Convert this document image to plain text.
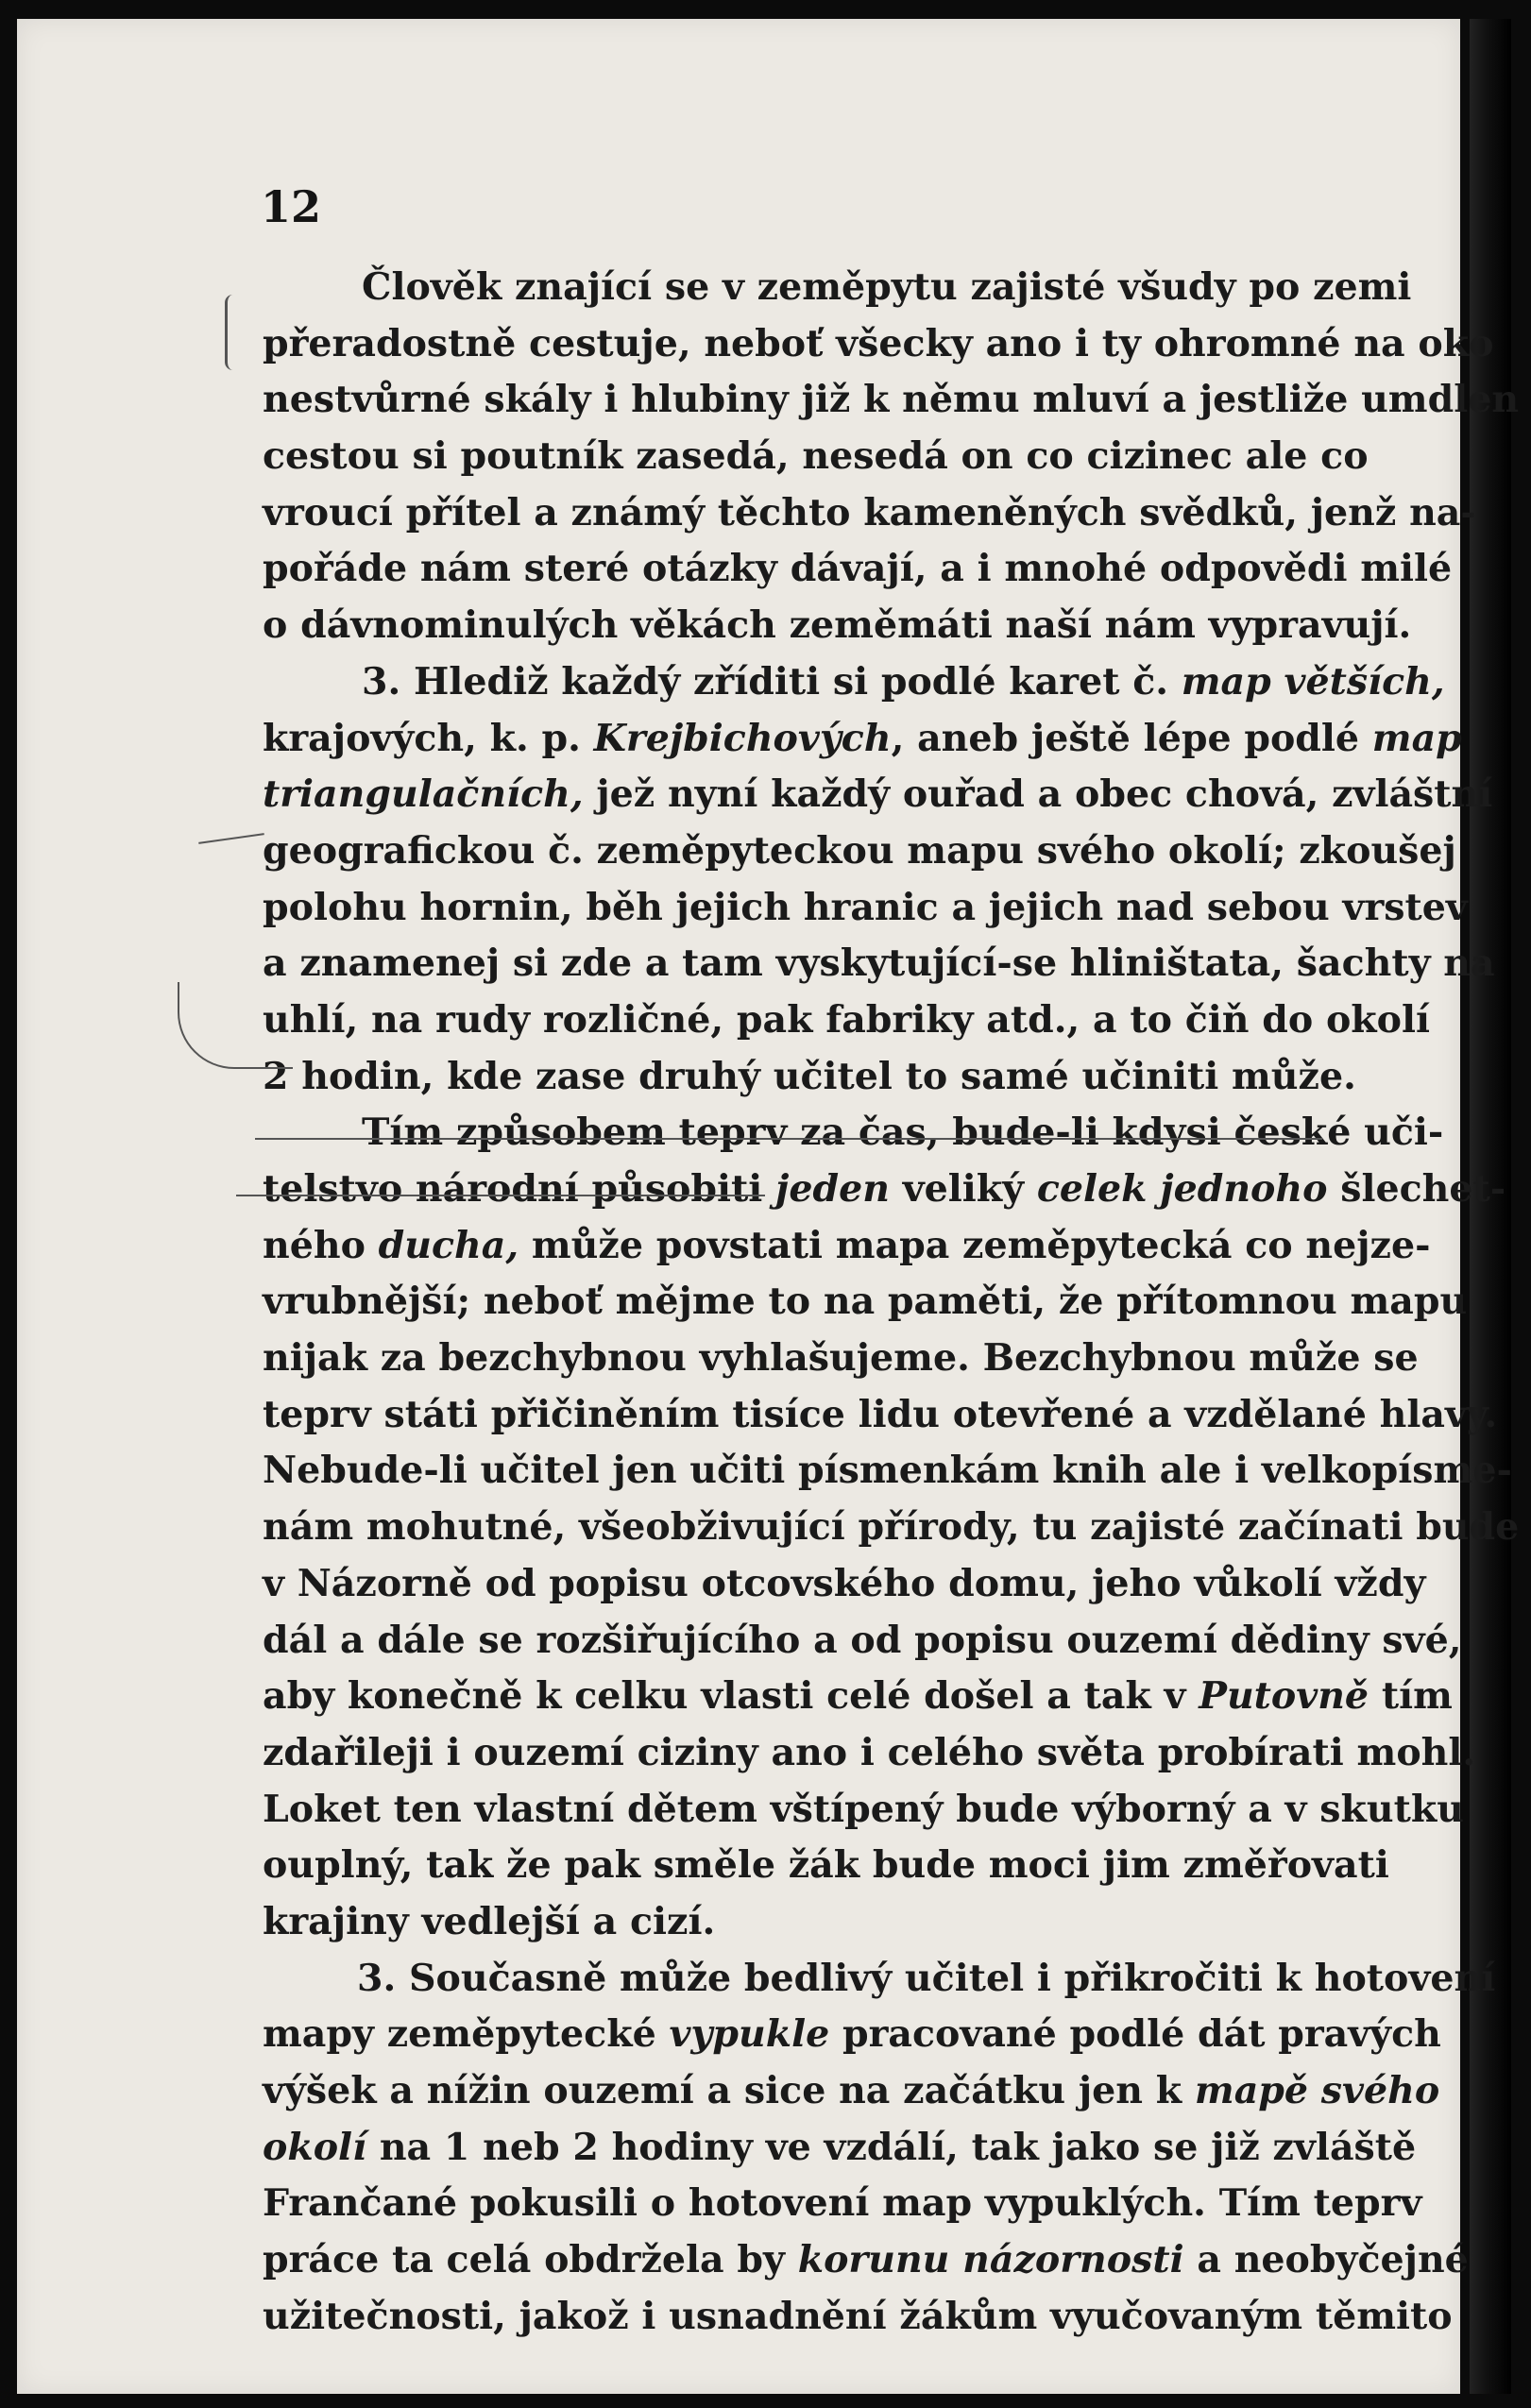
12
Člověk znající se v zeměpytu zajisté všudy po zemi
přeradostně cestuje, neboť všecky ano i ty ohromné na oko
nestvůrné skály i hlubiny již k němu mluví a jestliže umdlen
cestou si poutník zasedá, nesedá on co cizinec ale co
vroucí přítel a známý těchto kameněných svědků, jenž na-
pořáde nám steré otázky dávají, a i mnohé odpovědi milé
o dávnominulých věkách zeměmáti naší nám vypravují.
3. Hlediž každý zříditi si podlé karet č. map větších,
krajových, k. p. Krejbichových, aneb ještě lépe podlé map
triangulačních, jež nyní každý ouřad a obec chová, zvláštní
geografickou č. zeměpyteckou mapu svého okolí; zkoušej
polohu hornin, běh jejich hranic a jejich nad sebou vrstev
a znamenej si zde a tam vyskytující-se hliništata, šachty na
uhlí, na rudy rozličné, pak fabriky atd., a to čiň do okolí
2 hodin, kde zase druhý učitel to samé učiniti může.
Tím způsobem teprv za čas, bude-li kdysi české uči-
telstvo národní působiti jeden veliký celek jednoho šlechet-
ného ducha, může povstati mapa zeměpytecká co nejze-
vrubnější; neboť mějme to na paměti, že přítomnou mapu
nijak za bezchybnou vyhlašujeme. Bezchybnou může se
teprv státi přičiněním tisíce lidu otevřené a vzdělané hlavy.
Nebude-li učitel jen učiti písmenkám knih ale i velkopísme-
nám mohutné, všeobživující přírody, tu zajisté začínati bude
v Názorně od popisu otcovského domu, jeho vůkolí vždy
dál a dále se rozšiřujícího a od popisu ouzemí dědiny své,
aby konečně k celku vlasti celé došel a tak v Putovně tím
zdařileji i ouzemí ciziny ano i celého světa probírati mohl.
Loket ten vlastní dětem vštípený bude výborný a v skutku
ouplný, tak že pak směle žák bude moci jim změřovati
krajiny vedlejší a cizí.
3. Současně může bedlivý učitel i přikročiti k hotovení
mapy zeměpytecké vypukle pracované podlé dát pravých
výšek a nížin ouzemí a sice na začátku jen k mapě svého
okolí na 1 neb 2 hodiny ve vzdálí, tak jako se již zvláště
Frančané pokusili o hotovení map vypuklých. Tím teprv
práce ta celá obdržela by korunu názornosti a neobyčejné
užitečnosti, jakož i usnadnění žákům vyučovaným těmito
